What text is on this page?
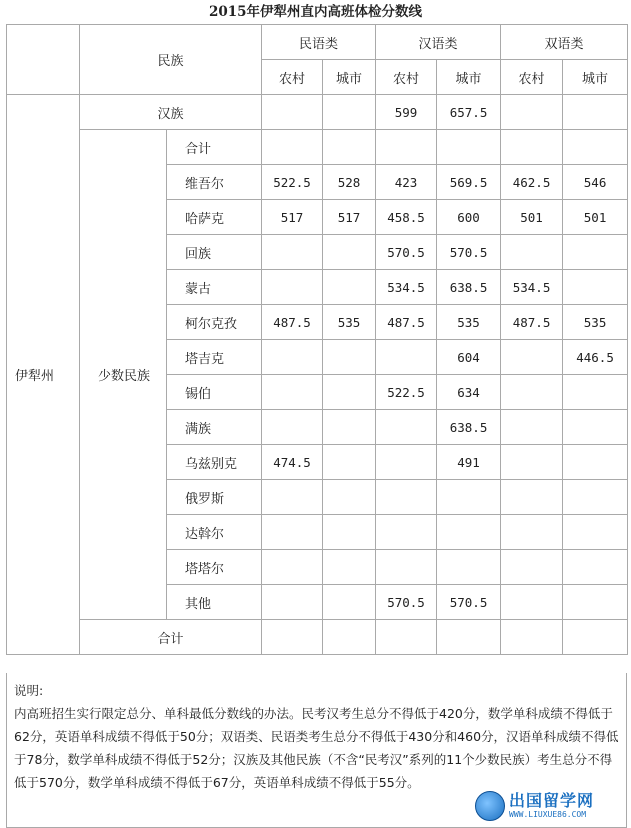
2015年伊犁州直内高班体检分数线
	民族		民语类		汉语类		双语类	
			农村	城市	农村	城市	农村	城市
伊犁州	汉族				599	657.5		
	少数民族	合计						
		维吾尔	522.5	528	423	569.5	462.5	546
		哈萨克	517	517	458.5	600	501	501
		回族			570.5	570.5		
		蒙古			534.5	638.5	534.5	
		柯尔克孜	487.5	535	487.5	535	487.5	535
		塔吉克				604		446.5
		锡伯			522.5	634		
		满族				638.5		
		乌兹别克	474.5			491		
		俄罗斯						
		达斡尔						
		塔塔尔						
		其他			570.5	570.5		
	合计							

说明:

内高班招生实行限定总分、单科最低分数线的办法。民考汉考生总分不得低于420分，数学单科成绩不得低于62分，英语单科成绩不得低于50分；双语类、民语类考生总分不得低于430分和460分，汉语单科成绩不得低于78分，数学单科成绩不得低于52分；汉族及其他民族（不含“民考汉”系列的11个少数民族）考生总分不得低于570分，数学单科成绩不得低于67分，英语单科成绩不得低于55分。

出国留学网
WWW.LIUXUE86.COM
